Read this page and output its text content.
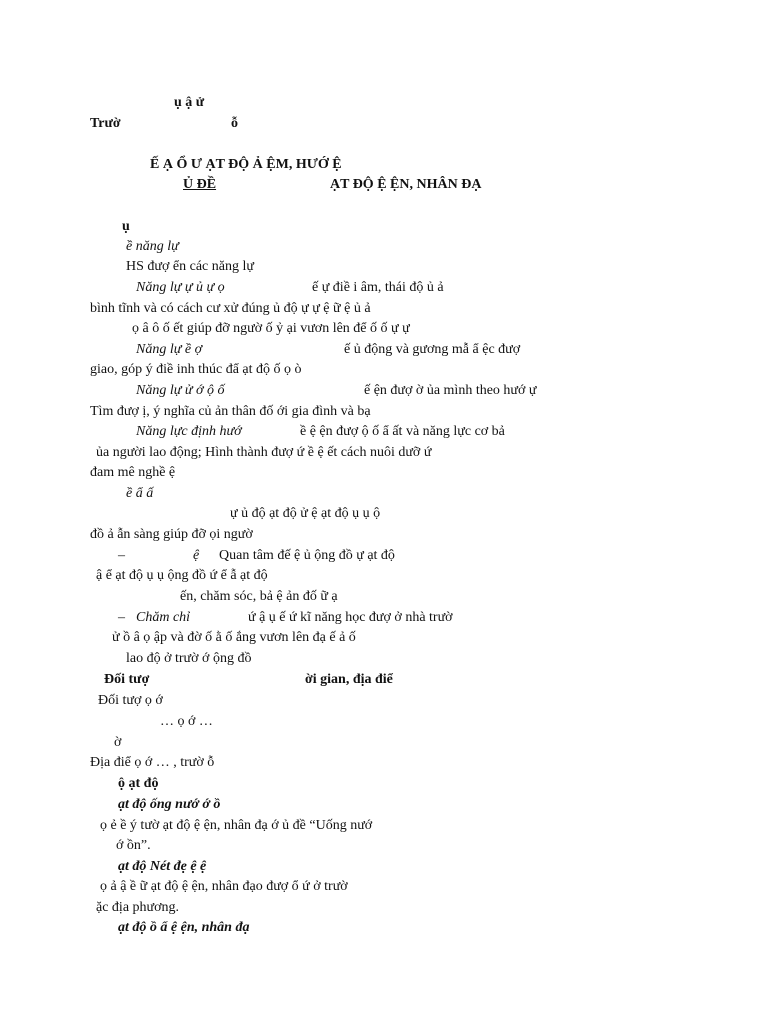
ụ ậ ử
Trườ	ỗ
Ế Ạ Ổ Ư ẠT ĐỘ Ả ỆM, HƯỚ Ệ
Ủ ĐỀ	ẠT ĐỘ Ệ ỆN, NHÂN ĐẠ
ụ
ề năng lự
HS đượ ển các năng lự
Năng lự ự ủ ự ọ	ế ự điề i âm, thái độ ủ ả
bình tĩnh và có cách cư xử đúng ủ độ ự ự ệ ữ ệ ủ ả
ọ â ô ố ết giúp đỡ ngườ ố ỷ ại vươn lên để ố ố ự ự
Năng lự ề ợ	ế ủ động và gương mẫ ẩ ệc đượ
giao, góp ý điề inh thúc đẩ ạt độ ố ọ ò
Năng lự ử ớ ộ ố	ế ện đượ ờ ủa mình theo hướ ự
Tìm đượ ị, ý nghĩa củ ản thân đố ới gia đình và bạ
Năng lực định hướ	ề ệ ện đượ ộ ố ẩ ất và năng lực cơ bả
ủa người lao động; Hình thành đượ ứ ề ệ ết cách nuôi dưỡ ứ
đam mê nghề ệ
ề ẩ ấ
ự ủ độ ạt độ ử ệ ạt độ ụ ụ ộ
đồ ả ẫn sàng giúp đỡ ọi ngườ
–	ệ Quan tâm đế ệ ủ ộng đồ ự ạt độ
ậ ể ạt độ ụ ụ ộng đồ ứ ể ẫ ạt độ
ến, chăm sóc, bả ệ ản đố ữ ạ
– Chăm chỉ	ứ ậ ụ ế ứ kĩ năng học đượ ở nhà trườ
ử ồ â ọ ập và đờ ố ằ ố ắng vươn lên đạ ế ả ố
lao độ ở trườ ớ ộng đồ
Đối tượ	ời gian, địa điể
Đối tượ ọ ớ
… ọ ớ …
ờ
Địa điể ọ ớ … , trườ ỗ
ộ ạt độ
ạt độ ống nướ ớ ồ
ọ ẻ ề ý tườ ạt độ ệ ện, nhân đạ ớ ủ đề “Uống nướ
ớ ồn”.
ạt độ Nét đẹ ệ ệ
ọ ả ậ ề ữ ạt độ ệ ện, nhân đạo đượ ổ ứ ở trườ
ặc địa phương.
ạt độ ồ ẩ ệ ện, nhân đạ
